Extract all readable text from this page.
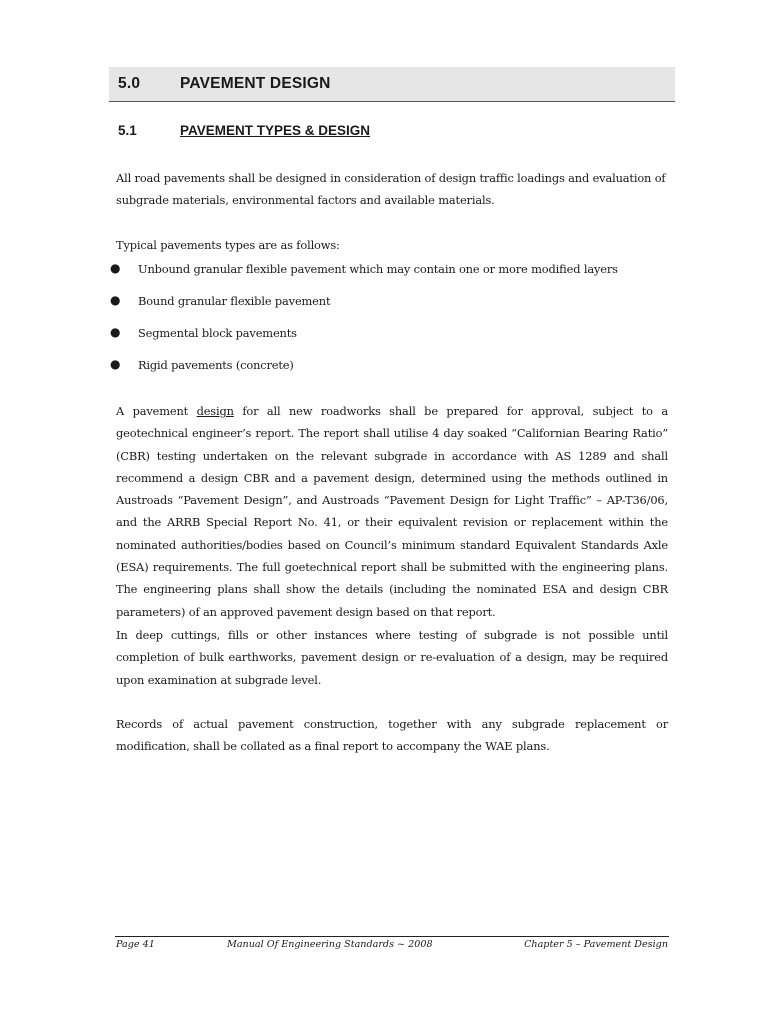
5.0	PAVEMENT DESIGN
5.1	PAVEMENT TYPES & DESIGN

All road pavements shall be designed in consideration of design traffic loadings and evaluation of subgrade materials, environmental factors and available materials.

Typical pavements types are as follows:

● Unbound granular flexible pavement which may contain one or more modified layers
● Bound granular flexible pavement
● Segmental block pavements
● Rigid pavements (concrete)

A pavement design for all new roadworks shall be prepared for approval, subject to a geotechnical engineer’s report. The report shall utilise 4 day soaked “Californian Bearing Ratio” (CBR) testing undertaken on the relevant subgrade in accordance with AS 1289 and shall recommend a design CBR and a pavement design, determined using the methods outlined in Austroads “Pavement Design”, and Austroads “Pavement Design for Light Traffic” – AP-T36/06, and the ARRB Special Report No. 41, or their equivalent revision or replacement within the nominated authorities/bodies based on Council’s minimum standard Equivalent Standards Axle (ESA) requirements. The full goetechnical report shall be submitted with the engineering plans. The engineering plans shall show the details (including the nominated ESA and design CBR parameters) of an approved pavement design based on that report.

In deep cuttings, fills or other instances where testing of subgrade is not possible until completion of bulk earthworks, pavement design or re-evaluation of a design, may be required upon examination at subgrade level.

Records of actual pavement construction, together with any subgrade replacement or modification, shall be collated as a final report to accompany the WAE plans.

Page 41	Manual Of Engineering Standards ~ 2008	Chapter 5 – Pavement Design
